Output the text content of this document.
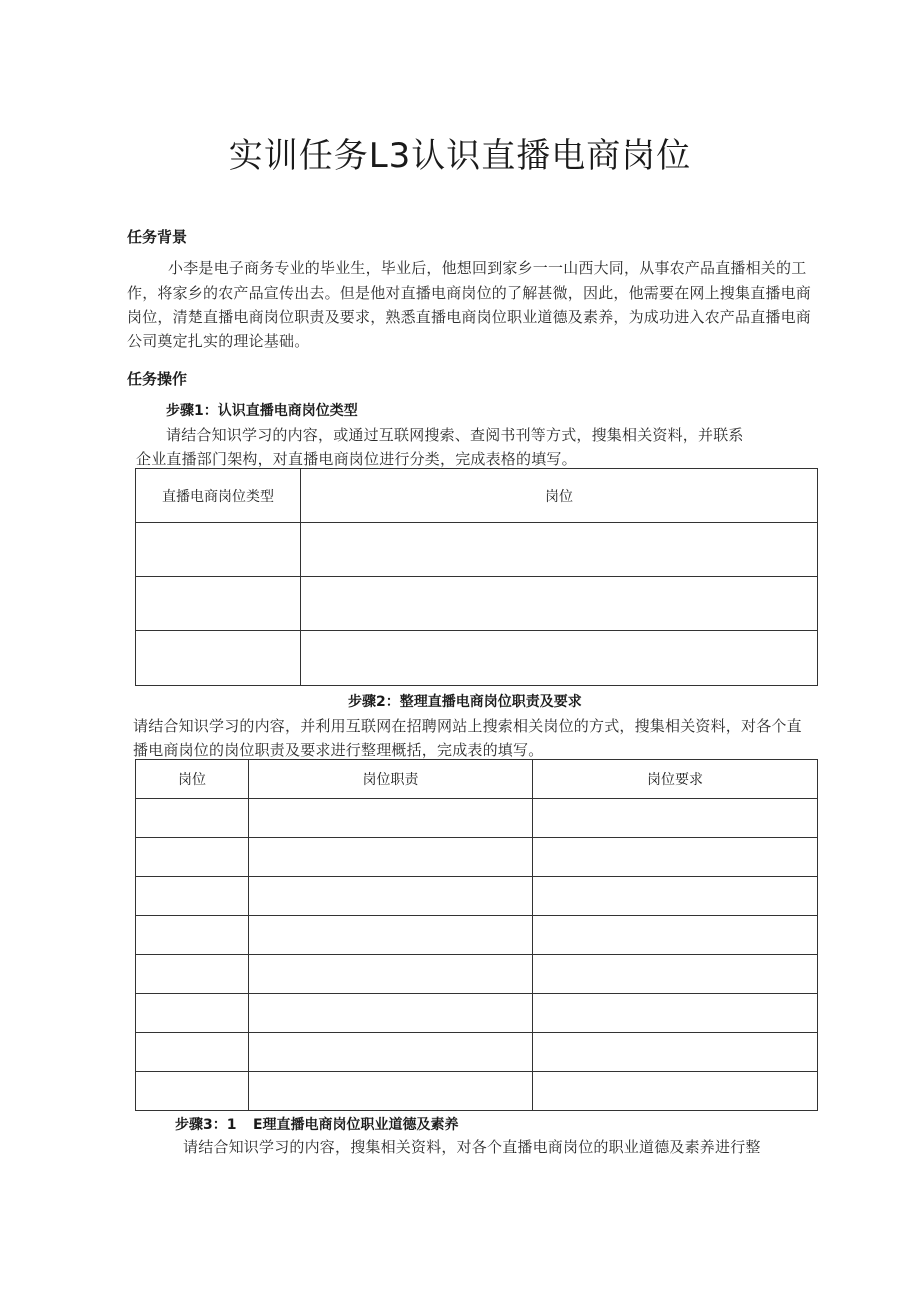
实训任务L3认识直播电商岗位
任务背景
小李是电子商务专业的毕业生，毕业后，他想回到家乡一一山西大同，从事农产品直播相关的工
作，将家乡的农产品宣传出去。但是他对直播电商岗位的了解甚微，因此，他需要在网上搜集直播电商
岗位，清楚直播电商岗位职责及要求，熟悉直播电商岗位职业道德及素养，为成功进入农产品直播电商
公司奠定扎实的理论基础。
任务操作
步骤1：认识直播电商岗位类型
请结合知识学习的内容，或通过互联网搜索、查阅书刊等方式，搜集相关资料，并联系
企业直播部门架构，对直播电商岗位进行分类，完成表格的填写。
直播电商岗位类型	岗位

步骤2：整理直播电商岗位职责及要求
请结合知识学习的内容，并利用互联网在招聘网站上搜索相关岗位的方式，搜集相关资料，对各个直
播电商岗位的岗位职责及要求进行整理概括，完成表的填写。
岗位	岗位职责	岗位要求

步骤3：1	E理直播电商岗位职业道德及素养
请结合知识学习的内容，搜集相关资料，对各个直播电商岗位的职业道德及素养进行整
